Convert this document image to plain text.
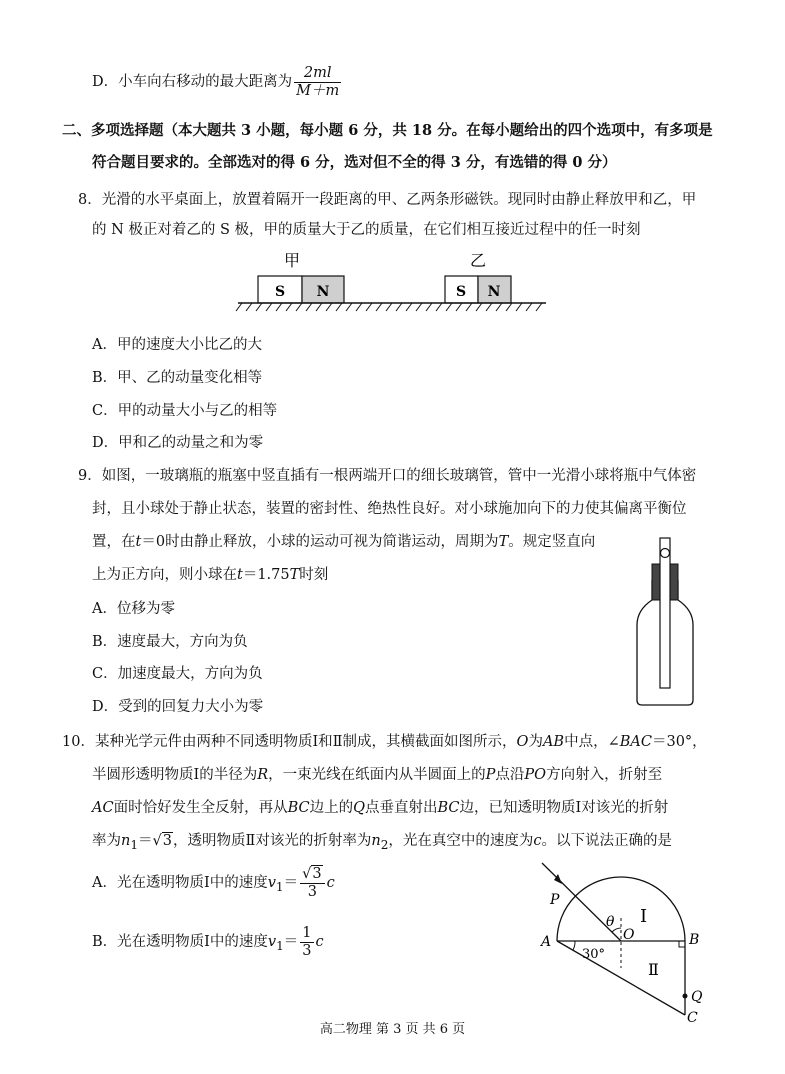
D．小车向右移动的最大距离为 $\frac{2ml}{M+m}$
二、多项选择题（本大题共 3 小题，每小题 6 分，共 18 分。在每小题给出的四个选项中，有多项是
符合题目要求的。全部选对的得 6 分，选对但不全的得 3 分，有选错的得 0 分）
8．光滑的水平桌面上，放置着隔开一段距离的甲、乙两条形磁铁。现同时由静止释放甲和乙，甲
的 N 极正对着乙的 S 极，甲的质量大于乙的质量，在它们相互接近过程中的任一时刻
甲	乙
S N	S N
A．甲的速度大小比乙的大
B．甲、乙的动量变化相等
C．甲的动量大小与乙的相等
D．甲和乙的动量之和为零
9．如图，一玻璃瓶的瓶塞中竖直插有一根两端开口的细长玻璃管，管中一光滑小球将瓶中气体密
封，且小球处于静止状态，装置的密封性、绝热性良好。对小球施加向下的力使其偏离平衡位
置，在t＝0时由静止释放，小球的运动可视为简谐运动，周期为T。规定竖直向
上为正方向，则小球在t＝1.75T时刻
A．位移为零
B．速度最大，方向为负
C．加速度最大，方向为负
D．受到的回复力大小为零
10．某种光学元件由两种不同透明物质Ⅰ和Ⅱ制成，其横截面如图所示，O为AB中点，∠BAC＝30°，
半圆形透明物质Ⅰ的半径为R，一束光线在纸面内从半圆面上的P点沿PO方向射入，折射至
AC面时恰好发生全反射，再从BC边上的Q点垂直射出BC边，已知透明物质Ⅰ对该光的折射
率为$n_1=√3$，透明物质Ⅱ对该光的折射率为$n_2$，光在真空中的速度为c。以下说法正确的是
A．光在透明物质Ⅰ中的速度$v_1= \frac{√3}{3}$ c
B．光在透明物质Ⅰ中的速度$v_1= \frac{1}{3}$ c
P
θ Ⅰ
O
A	B
30°
Ⅱ
Q
C
高二物理 第 3 页 共 6 页
